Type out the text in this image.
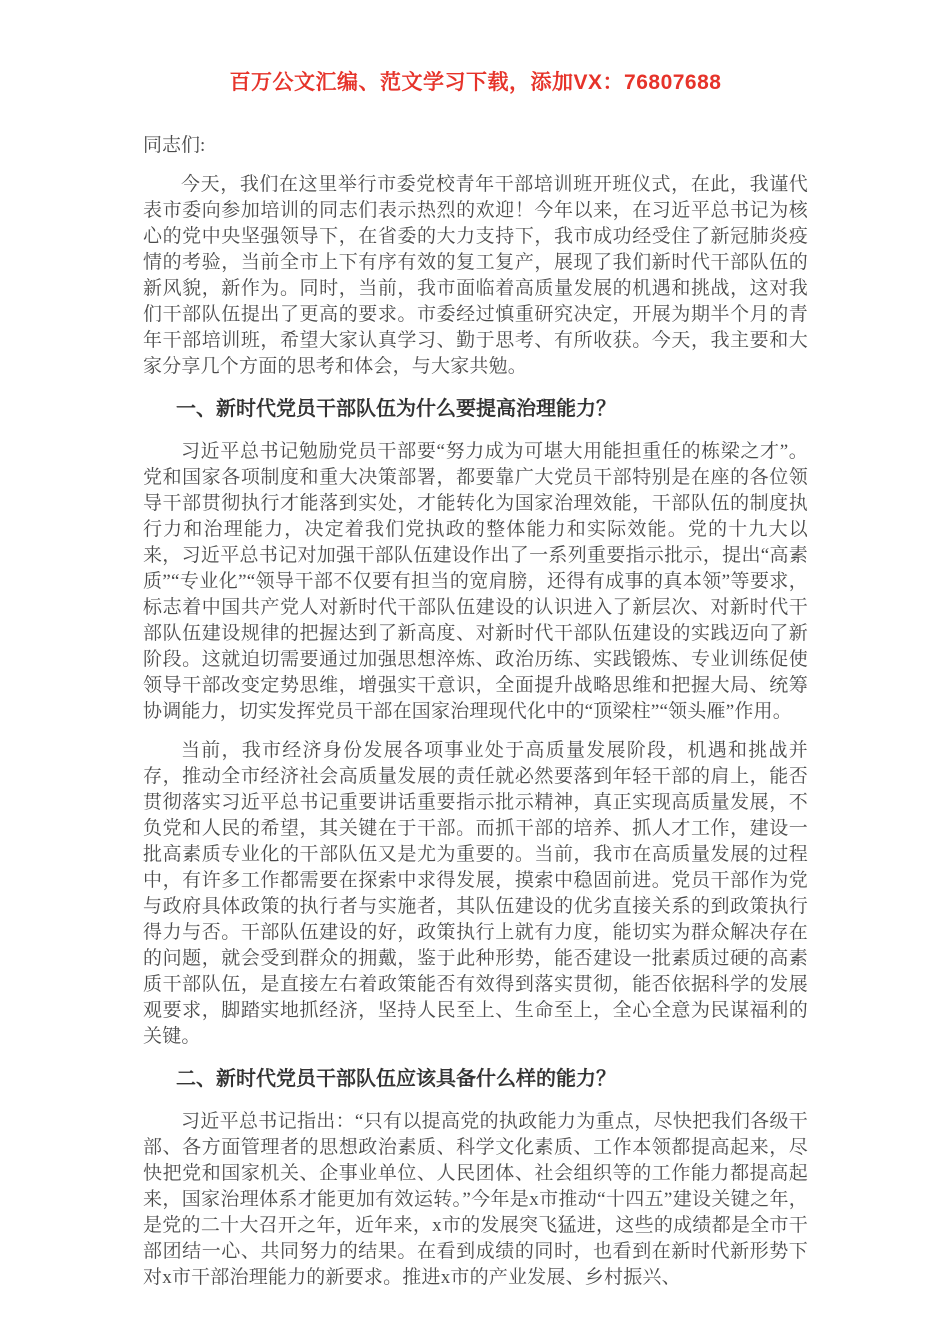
百万公文汇编、范文学习下载，添加VX：76807688

同志们:

今天，我们在这里举行市委党校青年干部培训班开班仪式，在此，我谨代表市委向参加培训的同志们表示热烈的欢迎！今年以来，在习近平总书记为核心的党中央坚强领导下，在省委的大力支持下，我市成功经受住了新冠肺炎疫情的考验，当前全市上下有序有效的复工复产，展现了我们新时代干部队伍的新风貌，新作为。同时，当前，我市面临着高质量发展的机遇和挑战，这对我们干部队伍提出了更高的要求。市委经过慎重研究决定，开展为期半个月的青年干部培训班，希望大家认真学习、勤于思考、有所收获。今天，我主要和大家分享几个方面的思考和体会，与大家共勉。

一、新时代党员干部队伍为什么要提高治理能力？

习近平总书记勉励党员干部要“努力成为可堪大用能担重任的栋梁之才”。党和国家各项制度和重大决策部署，都要靠广大党员干部特别是在座的各位领导干部贯彻执行才能落到实处，才能转化为国家治理效能，干部队伍的制度执行力和治理能力，决定着我们党执政的整体能力和实际效能。党的十九大以来，习近平总书记对加强干部队伍建设作出了一系列重要指示批示，提出“高素质”“专业化”“领导干部不仅要有担当的宽肩膀，还得有成事的真本领”等要求，标志着中国共产党人对新时代干部队伍建设的认识进入了新层次、对新时代干部队伍建设规律的把握达到了新高度、对新时代干部队伍建设的实践迈向了新阶段。这就迫切需要通过加强思想淬炼、政治历练、实践锻炼、专业训练促使领导干部改变定势思维，增强实干意识，全面提升战略思维和把握大局、统筹协调能力，切实发挥党员干部在国家治理现代化中的“顶梁柱”“领头雁”作用。

当前，我市经济身份发展各项事业处于高质量发展阶段，机遇和挑战并存，推动全市经济社会高质量发展的责任就必然要落到年轻干部的肩上，能否贯彻落实习近平总书记重要讲话重要指示批示精神，真正实现高质量发展，不负党和人民的希望，其关键在于干部。而抓干部的培养、抓人才工作，建设一批高素质专业化的干部队伍又是尤为重要的。当前，我市在高质量发展的过程中，有许多工作都需要在探索中求得发展，摸索中稳固前进。党员干部作为党与政府具体政策的执行者与实施者，其队伍建设的优劣直接关系的到政策执行得力与否。干部队伍建设的好，政策执行上就有力度，能切实为群众解决存在的问题，就会受到群众的拥戴，鉴于此种形势，能否建设一批素质过硬的高素质干部队伍，是直接左右着政策能否有效得到落实贯彻，能否依据科学的发展观要求，脚踏实地抓经济，坚持人民至上、生命至上，全心全意为民谋福利的关键。

二、新时代党员干部队伍应该具备什么样的能力？

习近平总书记指出：“只有以提高党的执政能力为重点，尽快把我们各级干部、各方面管理者的思想政治素质、科学文化素质、工作本领都提高起来，尽快把党和国家机关、企事业单位、人民团体、社会组织等的工作能力都提高起来，国家治理体系才能更加有效运转。”今年是x市推动“十四五”建设关键之年，是党的二十大召开之年，近年来，x市的发展突飞猛进，这些的成绩都是全市干部团结一心、共同努力的结果。在看到成绩的同时，也看到在新时代新形势下对x市干部治理能力的新要求。推进x市的产业发展、乡村振兴、
